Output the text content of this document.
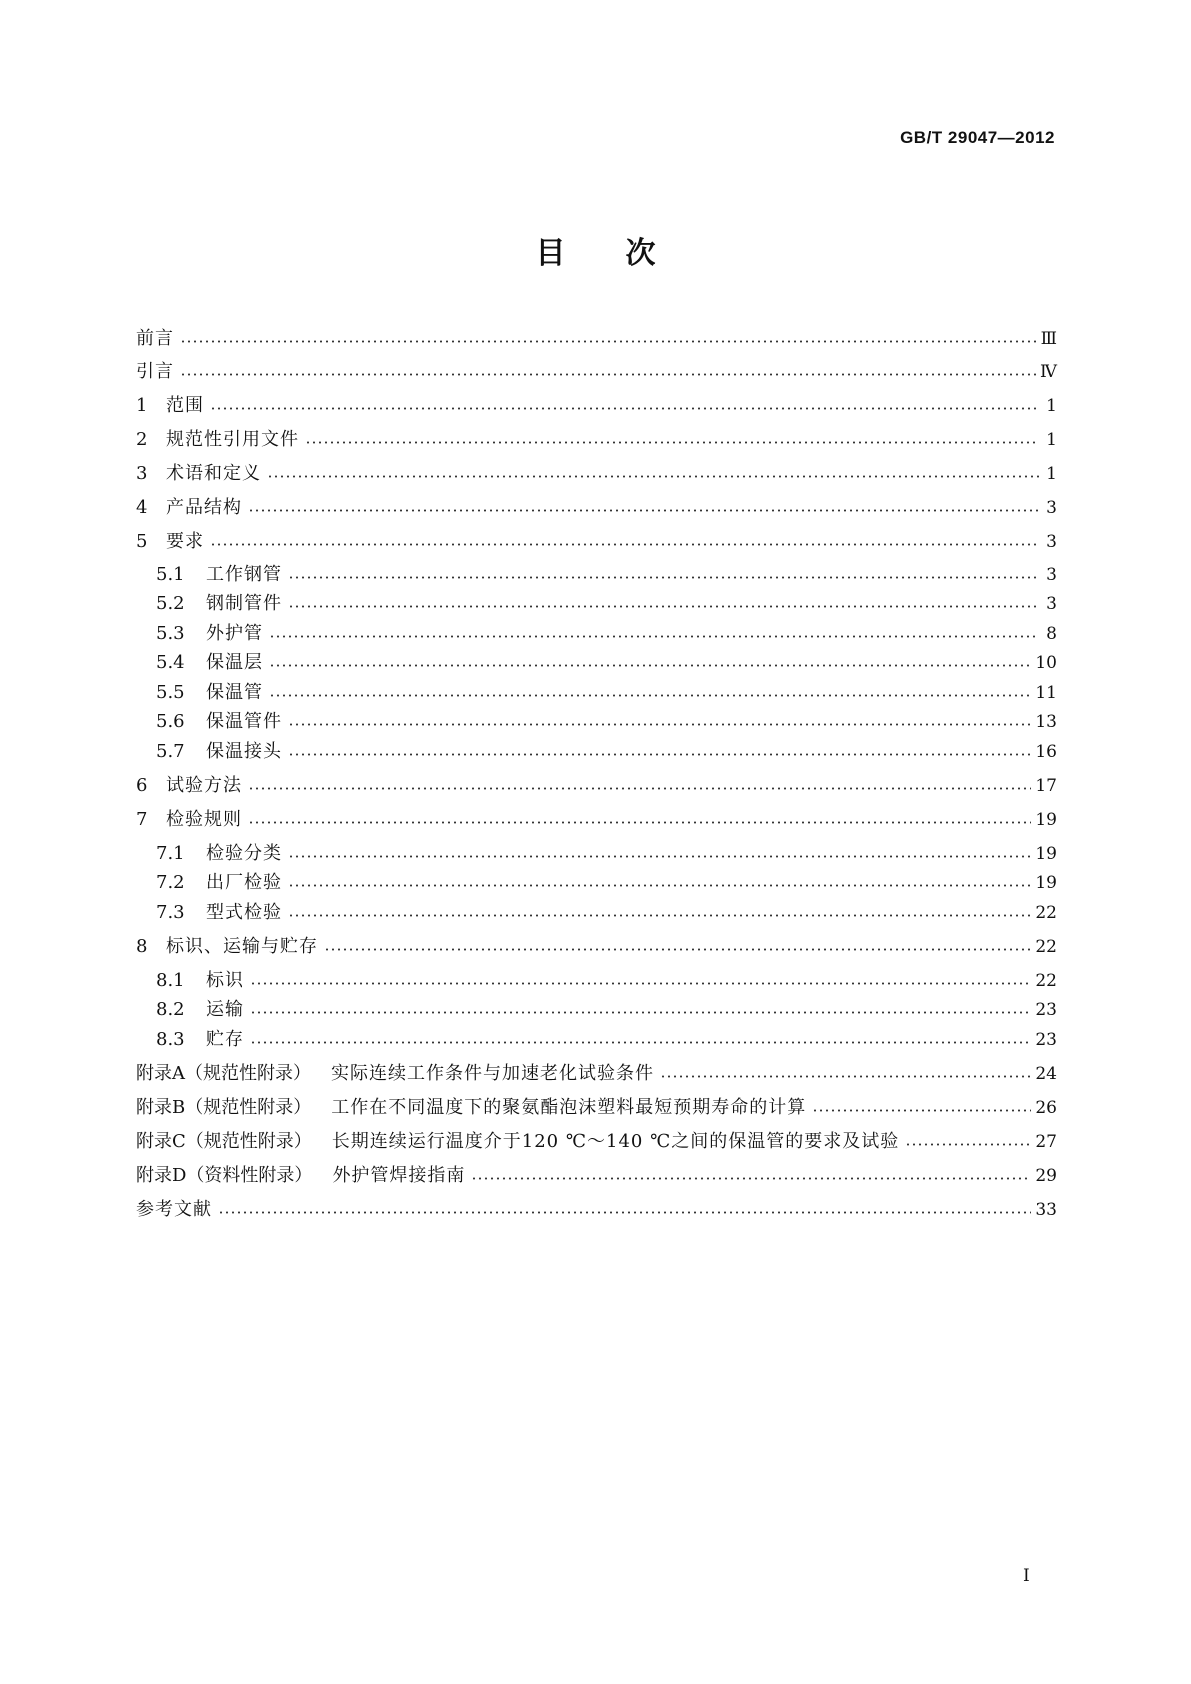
GB/T 29047—2012
目次
前言	Ⅲ
引言	Ⅳ
1	范围	1
2	规范性引用文件	1
3	术语和定义	1
4	产品结构	3
5	要求	3
5.1	工作钢管	3
5.2	钢制管件	3
5.3	外护管	8
5.4	保温层	10
5.5	保温管	11
5.6	保温管件	13
5.7	保温接头	16
6	试验方法	17
7	检验规则	19
7.1	检验分类	19
7.2	出厂检验	19
7.3	型式检验	22
8	标识、运输与贮存	22
8.1	标识	22
8.2	运输	23
8.3	贮存	23
附录A（规范性附录） 实际连续工作条件与加速老化试验条件	24
附录B（规范性附录） 工作在不同温度下的聚氨酯泡沫塑料最短预期寿命的计算	26
附录C（规范性附录） 长期连续运行温度介于120 ℃～140 ℃之间的保温管的要求及试验	27
附录D（资料性附录） 外护管焊接指南	29
参考文献	33
I
